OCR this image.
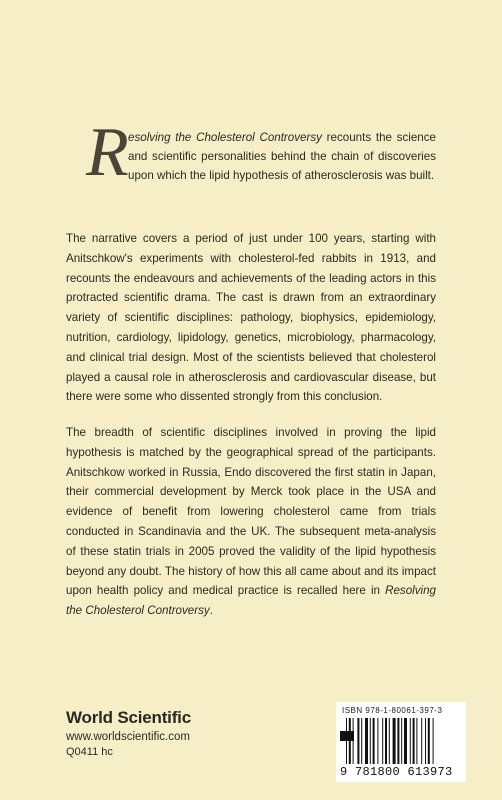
R esolving the Cholesterol Controversy recounts the science and scientific personalities behind the chain of discoveries upon which the lipid hypothesis of atherosclerosis was built.

The narrative covers a period of just under 100 years, starting with Anitschkow's experiments with cholesterol-fed rabbits in 1913, and recounts the endeavours and achievements of the leading actors in this protracted scientific drama. The cast is drawn from an extraordinary variety of scientific disciplines: pathology, biophysics, epidemiology, nutrition, cardiology, lipidology, genetics, microbiology, pharmacology, and clinical trial design. Most of the scientists believed that cholesterol played a causal role in atherosclerosis and cardiovascular disease, but there were some who dissented strongly from this conclusion.

The breadth of scientific disciplines involved in proving the lipid hypothesis is matched by the geographical spread of the participants. Anitschkow worked in Russia, Endo discovered the first statin in Japan, their commercial development by Merck took place in the USA and evidence of benefit from lowering cholesterol came from trials conducted in Scandinavia and the UK. The subsequent meta-analysis of these statin trials in 2005 proved the validity of the lipid hypothesis beyond any doubt. The history of how this all came about and its impact upon health policy and medical practice is recalled here in Resolving the Cholesterol Controversy.

World Scientific
www.worldscientific.com
Q0411 hc
ISBN 978-1-80061-397-3
9 781800 613973
